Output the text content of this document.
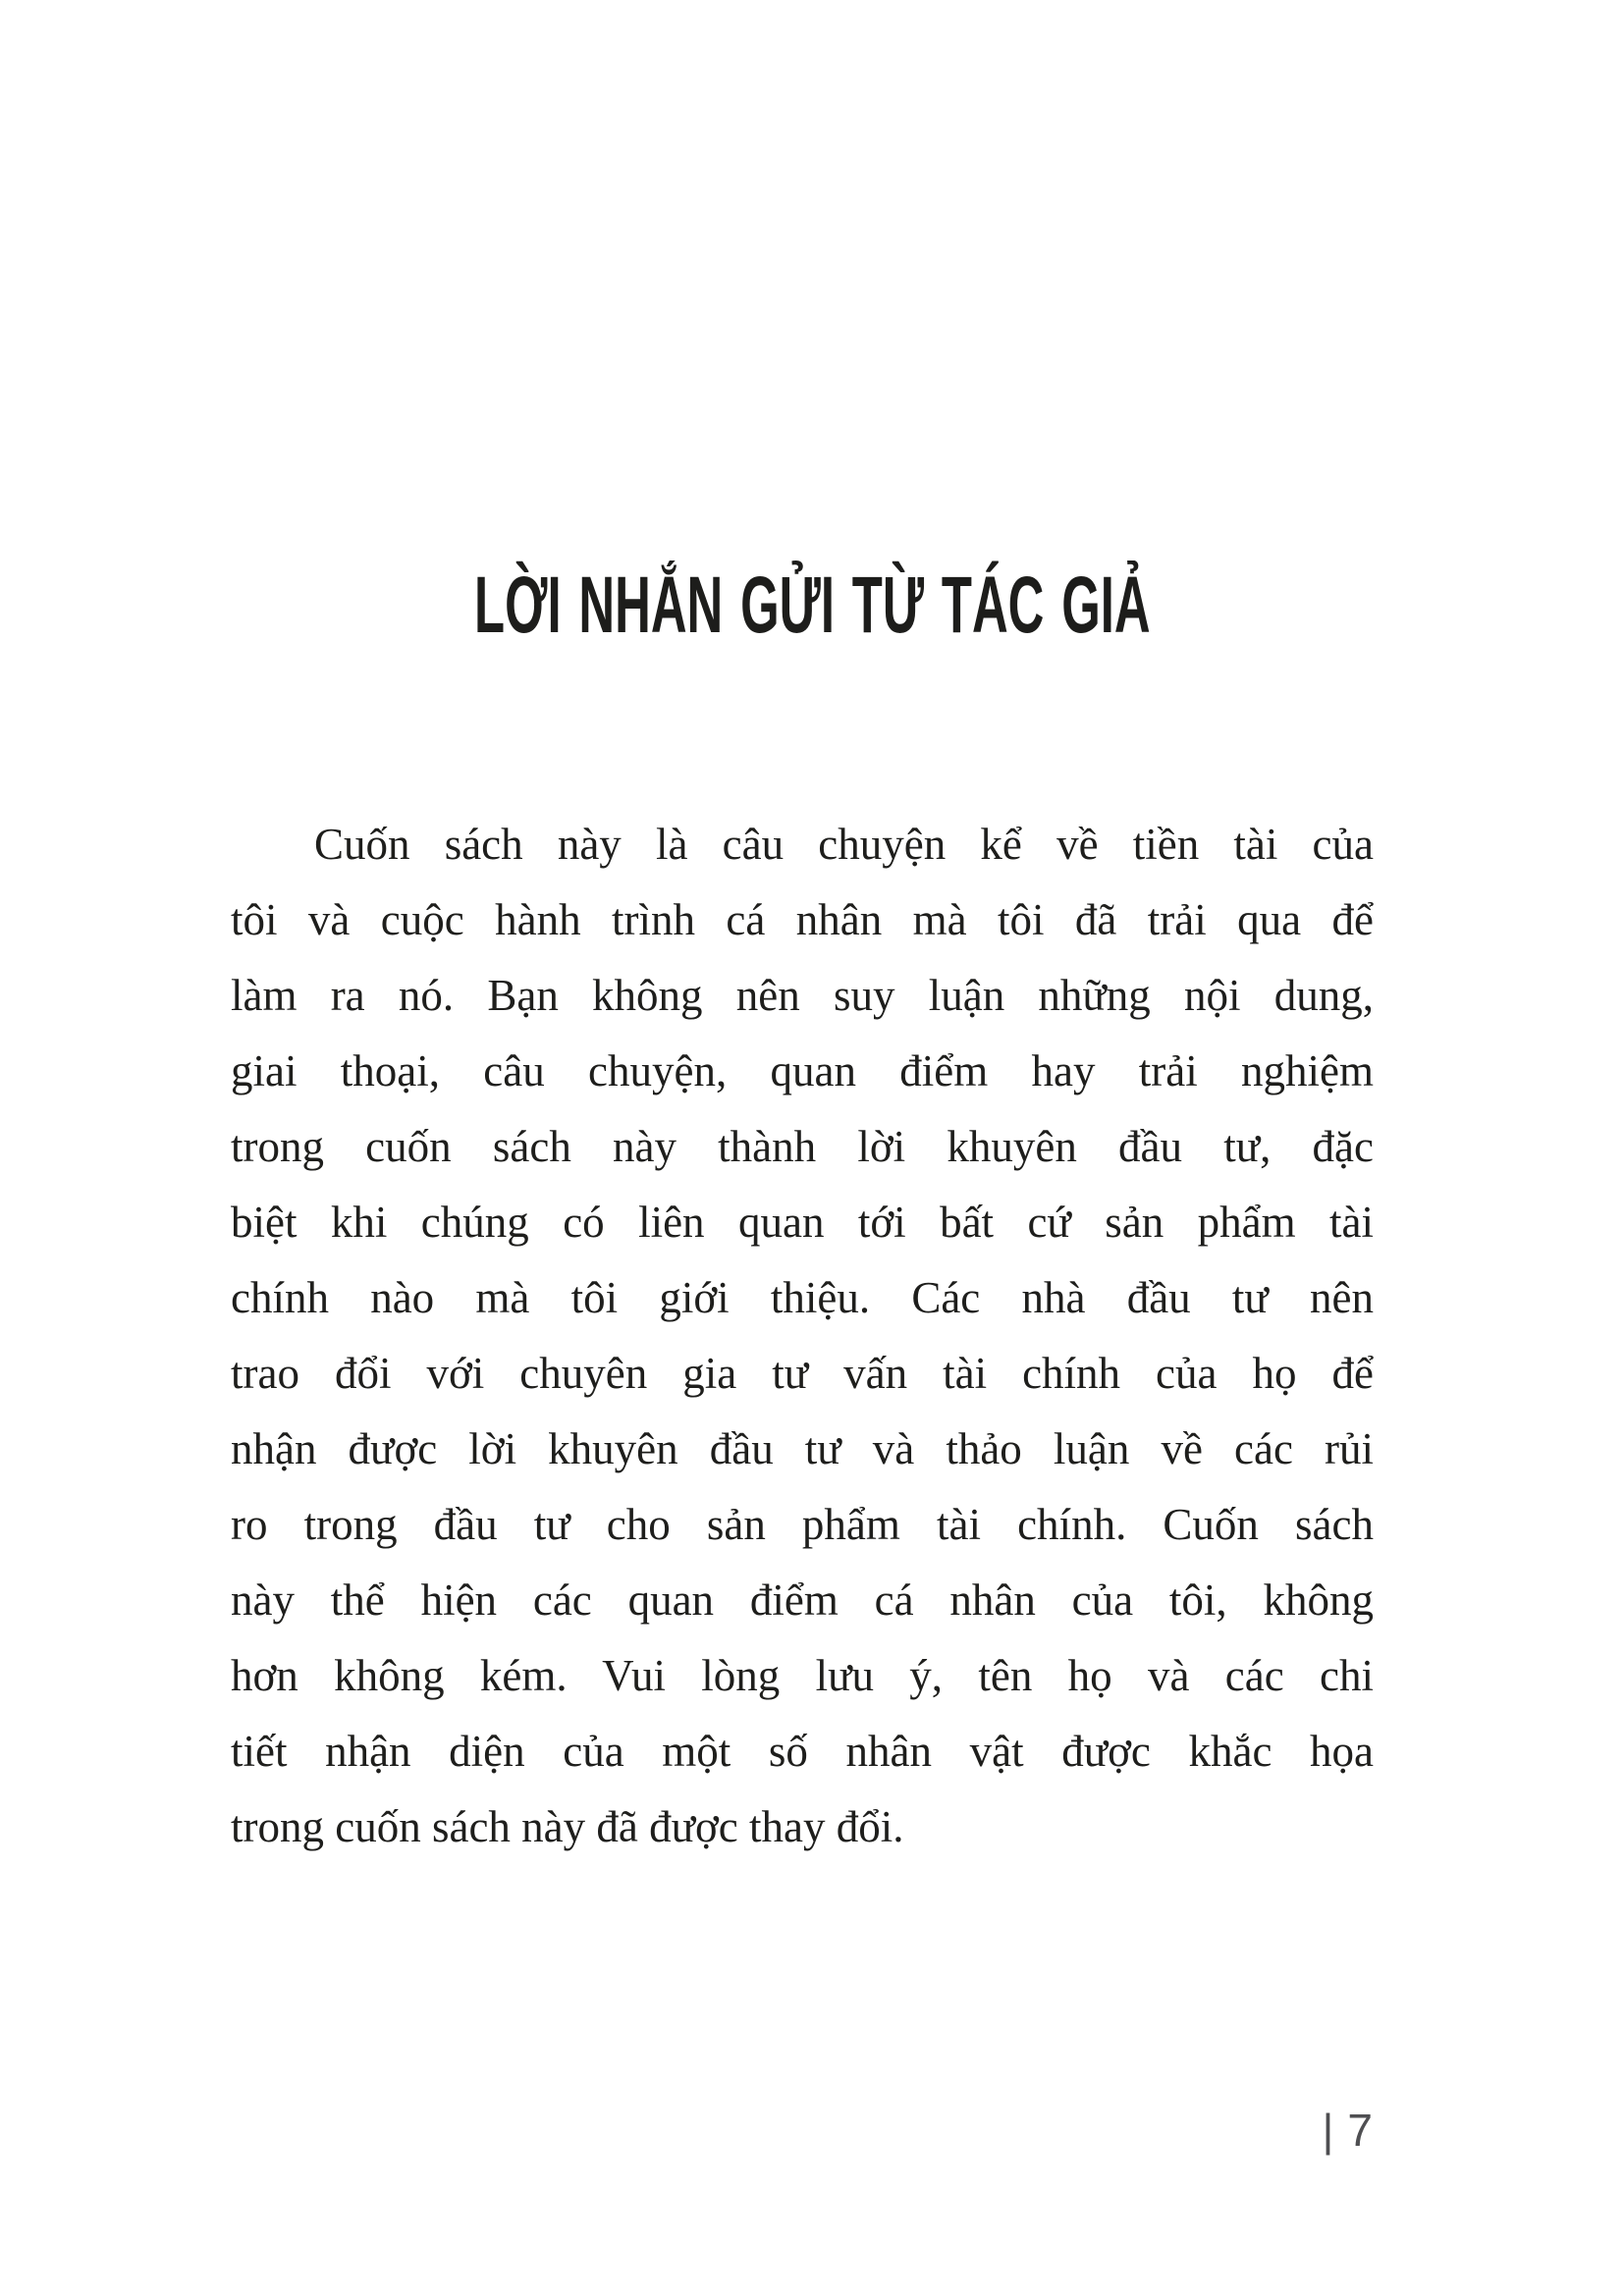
LỜI NHẮN GỬI TỪ TÁC GIẢ
Cuốn sách này là câu chuyện kể về tiền tài của
tôi và cuộc hành trình cá nhân mà tôi đã trải qua để
làm ra nó. Bạn không nên suy luận những nội dung,
giai thoại, câu chuyện, quan điểm hay trải nghiệm
trong cuốn sách này thành lời khuyên đầu tư, đặc
biệt khi chúng có liên quan tới bất cứ sản phẩm tài
chính nào mà tôi giới thiệu. Các nhà đầu tư nên
trao đổi với chuyên gia tư vấn tài chính của họ để
nhận được lời khuyên đầu tư và thảo luận về các rủi
ro trong đầu tư cho sản phẩm tài chính. Cuốn sách
này thể hiện các quan điểm cá nhân của tôi, không
hơn không kém. Vui lòng lưu ý, tên họ và các chi
tiết nhận diện của một số nhân vật được khắc họa
trong cuốn sách này đã được thay đổi.
| 7
